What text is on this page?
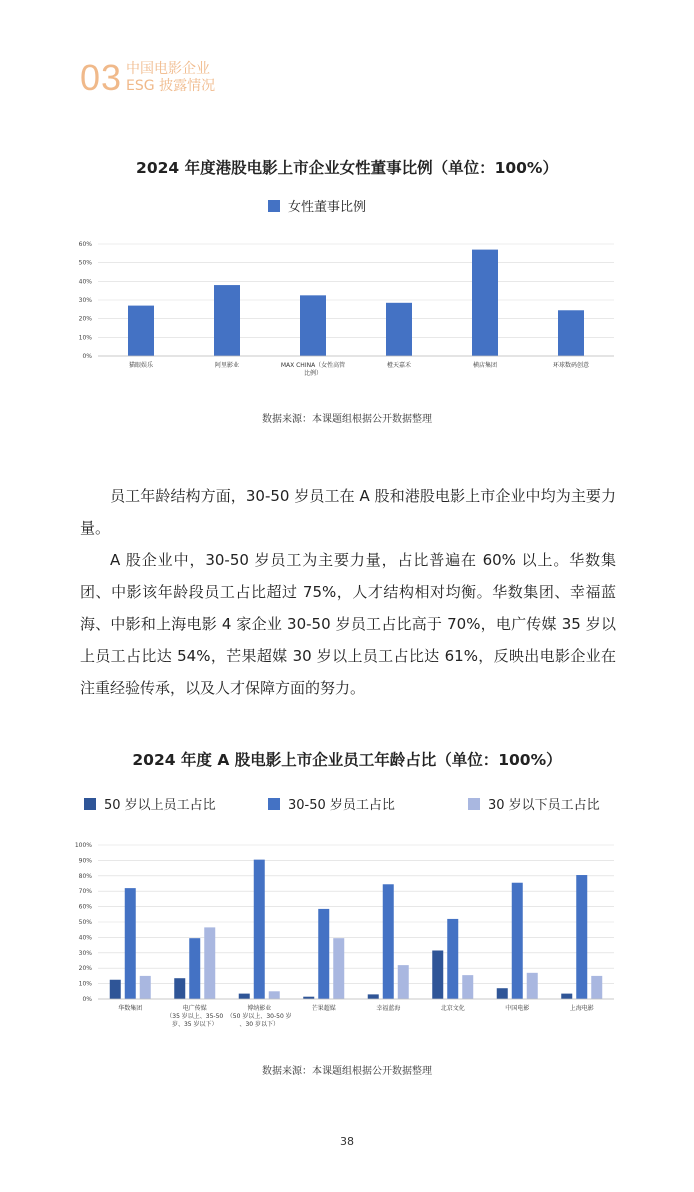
03 中国电影企业
ESG 披露情况
2024 年度港股电影上市企业女性董事比例（单位：100%）
女性董事比例
0%
10%
20%
30%
40%
50%
60%
猫眼娱乐	阿里影业	MAX CHINA（女性高管
比例）
橙天嘉禾	横店集团	环球数码创意
数据来源：本课题组根据公开数据整理

员工年龄结构方面，30-50 岁员工在 A 股和港股电影上市企业中均为主要力量。

A 股企业中，30-50 岁员工为主要力量，占比普遍在 60% 以上。华数集团、中影该年龄段员工占比超过 75%，人才结构相对均衡。华数集团、幸福蓝海、中影和上海电影 4 家企业 30-50 岁员工占比高于 70%，电广传媒 35 岁以上员工占比达 54%，芒果超媒 30 岁以上员工占比达 61%，反映出电影企业在注重经验传承，以及人才保障方面的努力。

2024 年度 A 股电影上市企业员工年龄占比（单位：100%）
50 岁以上员工占比	30-50 岁员工占比	30 岁以下员工占比
0%
10%
20%
30%
40%
50%
60%
70%
80%
90%
100%
华数集团	电广传媒
（35 岁以上、35-50
岁、35 岁以下）
博纳影业
（50 岁以上、30-50 岁
、30 岁以下）
芒果超媒	幸福蓝海	北京文化	中国电影	上海电影
数据来源：本课题组根据公开数据整理
38
